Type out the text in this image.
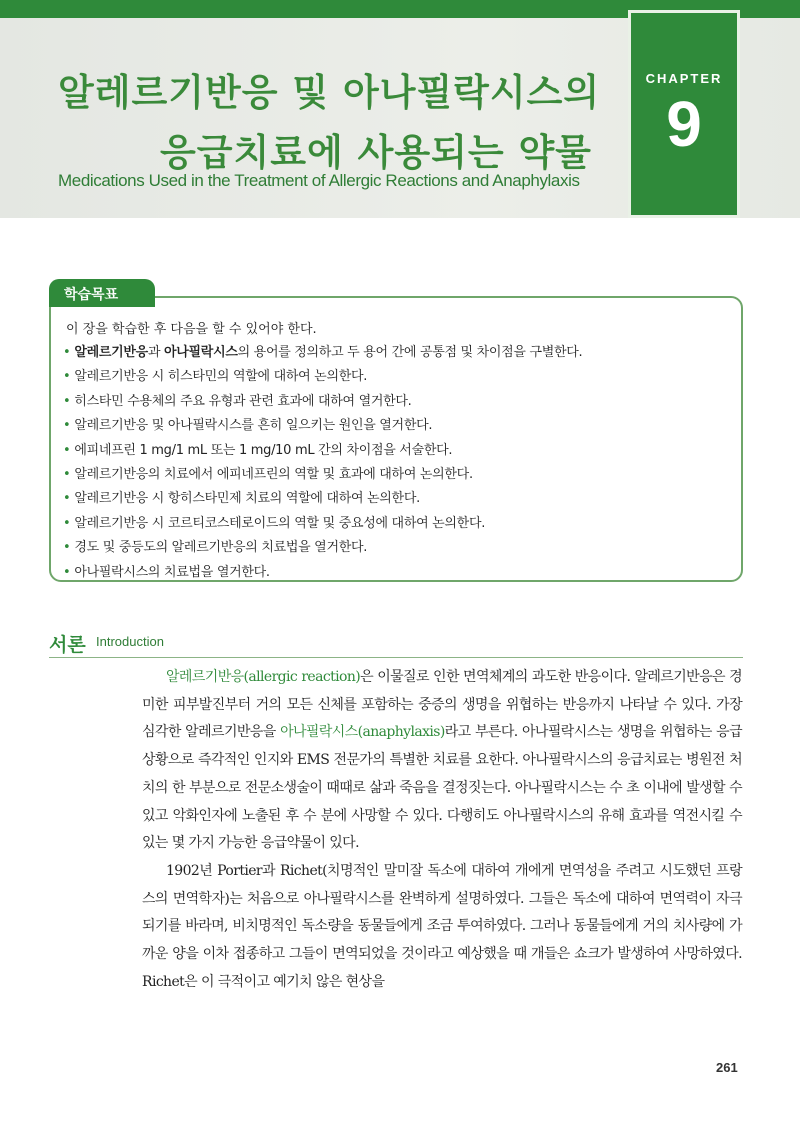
알레르기반응 및 아나필락시스의
응급치료에 사용되는 약물
Medications Used in the Treatment of Allergic Reactions and Anaphylaxis
CHAPTER
9
학습목표
이 장을 학습한 후 다음을 할 수 있어야 한다.
• 알레르기반응과 아나필락시스의 용어를 정의하고 두 용어 간에 공통점 및 차이점을 구별한다.
• 알레르기반응 시 히스타민의 역할에 대하여 논의한다.
• 히스타민 수용체의 주요 유형과 관련 효과에 대하여 열거한다.
• 알레르기반응 및 아나필락시스를 흔히 일으키는 원인을 열거한다.
• 에피네프린 1 mg/1 mL 또는 1 mg/10 mL 간의 차이점을 서술한다.
• 알레르기반응의 치료에서 에피네프린의 역할 및 효과에 대하여 논의한다.
• 알레르기반응 시 항히스타민제 치료의 역할에 대하여 논의한다.
• 알레르기반응 시 코르티코스테로이드의 역할 및 중요성에 대하여 논의한다.
• 경도 및 중등도의 알레르기반응의 치료법을 열거한다.
• 아나필락시스의 치료법을 열거한다.
서론 Introduction

알레르기반응(allergic reaction)은 이물질로 인한 면역체계의 과도한 반응이다. 알레르기반응은 경미한 피부발진부터 거의 모든 신체를 포함하는 중증의 생명을 위협하는 반응까지 나타날 수 있다. 가장 심각한 알레르기반응을 아나필락시스(anaphylaxis)라고 부른다. 아나필락시스는 생명을 위협하는 응급상황으로 즉각적인 인지와 EMS 전문가의 특별한 치료를 요한다. 아나필락시스의 응급치료는 병원전 처치의 한 부분으로 전문소생술이 때때로 삶과 죽음을 결정짓는다. 아나필락시스는 수 초 이내에 발생할 수 있고 악화인자에 노출된 후 수 분에 사망할 수 있다. 다행히도 아나필락시스의 유해 효과를 역전시킬 수 있는 몇 가지 가능한 응급약물이 있다.

1902년 Portier과 Richet(치명적인 말미잘 독소에 대하여 개에게 면역성을 주려고 시도했던 프랑스의 면역학자)는 처음으로 아나필락시스를 완벽하게 설명하였다. 그들은 독소에 대하여 면역력이 자극되기를 바라며, 비치명적인 독소량을 동물들에게 조금 투여하였다. 그러나 동물들에게 거의 치사량에 가까운 양을 이차 접종하고 그들이 면역되었을 것이라고 예상했을 때 개들은 쇼크가 발생하여 사망하였다. Richet은 이 극적이고 예기치 않은 현상을

261
